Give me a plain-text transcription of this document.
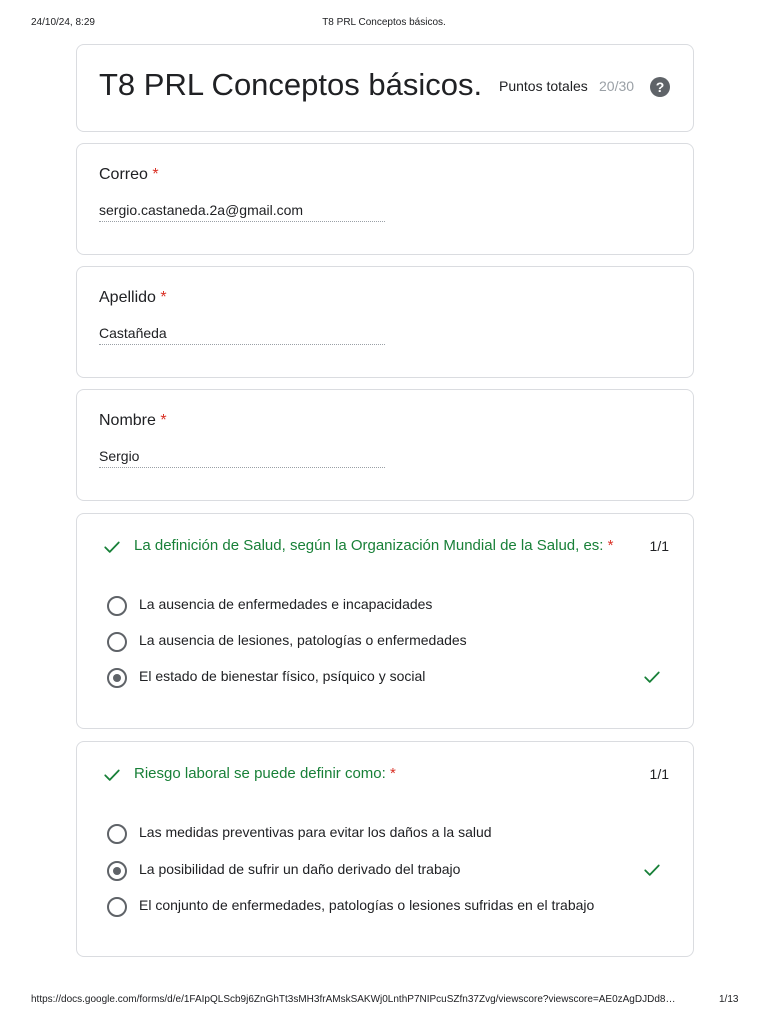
24/10/24, 8:29	T8 PRL Conceptos básicos.
T8 PRL Conceptos básicos. Puntos totales 20/30	?
Correo *
sergio.castaneda.2a@gmail.com
Apellido *
Castañeda
Nombre *
Sergio
La definición de Salud, según la Organización Mundial de la Salud, es: *	1/1
La ausencia de enfermedades e incapacidades
La ausencia de lesiones, patologías o enfermedades
El estado de bienestar físico, psíquico y social
Riesgo laboral se puede definir como: *	1/1
Las medidas preventivas para evitar los daños a la salud
La posibilidad de sufrir un daño derivado del trabajo
El conjunto de enfermedades, patologías o lesiones sufridas en el trabajo
https://docs.google.com/forms/d/e/1FAIpQLScb9j6ZnGhTt3sMH3frAMskSAKWj0LnthP7NIPcuSZfn37Zvg/viewscore?viewscore=AE0zAgDJDd8…	1/13
